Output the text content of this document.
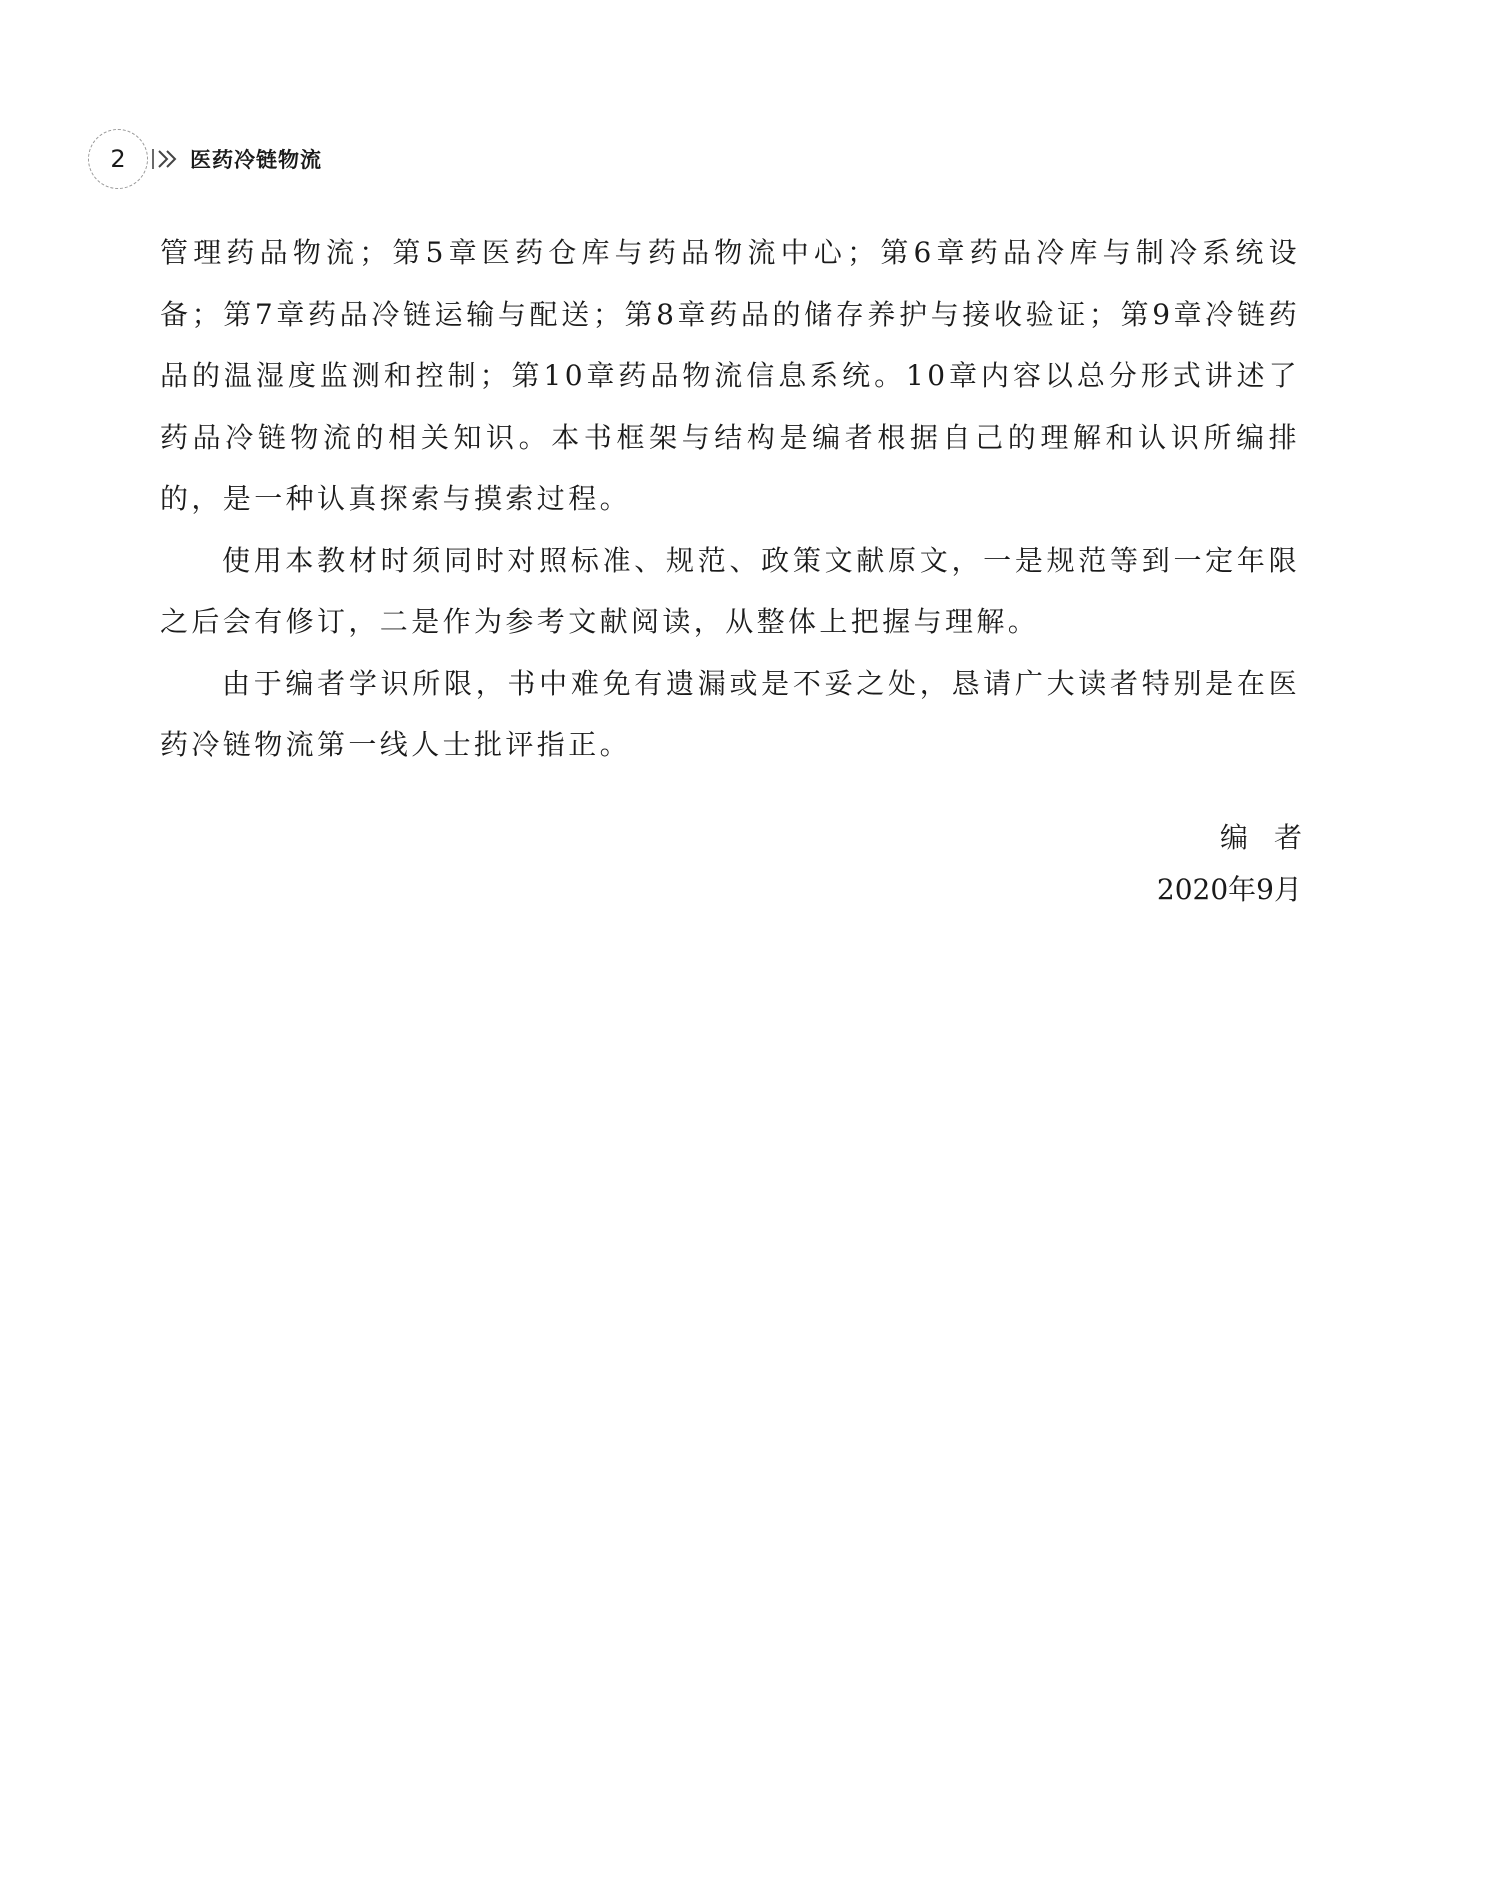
2	医药冷链物流

管理药品物流；第5章医药仓库与药品物流中心；第6章药品冷库与制冷系统设备；第7章药品冷链运输与配送；第8章药品的储存养护与接收验证；第9章冷链药品的温湿度监测和控制；第10章药品物流信息系统。10章内容以总分形式讲述了药品冷链物流的相关知识。本书框架与结构是编者根据自己的理解和认识所编排的，是一种认真探索与摸索过程。

使用本教材时须同时对照标准、规范、政策文献原文，一是规范等到一定年限之后会有修订，二是作为参考文献阅读，从整体上把握与理解。

由于编者学识所限，书中难免有遗漏或是不妥之处，恳请广大读者特别是在医药冷链物流第一线人士批评指正。

编者
2020年9月
